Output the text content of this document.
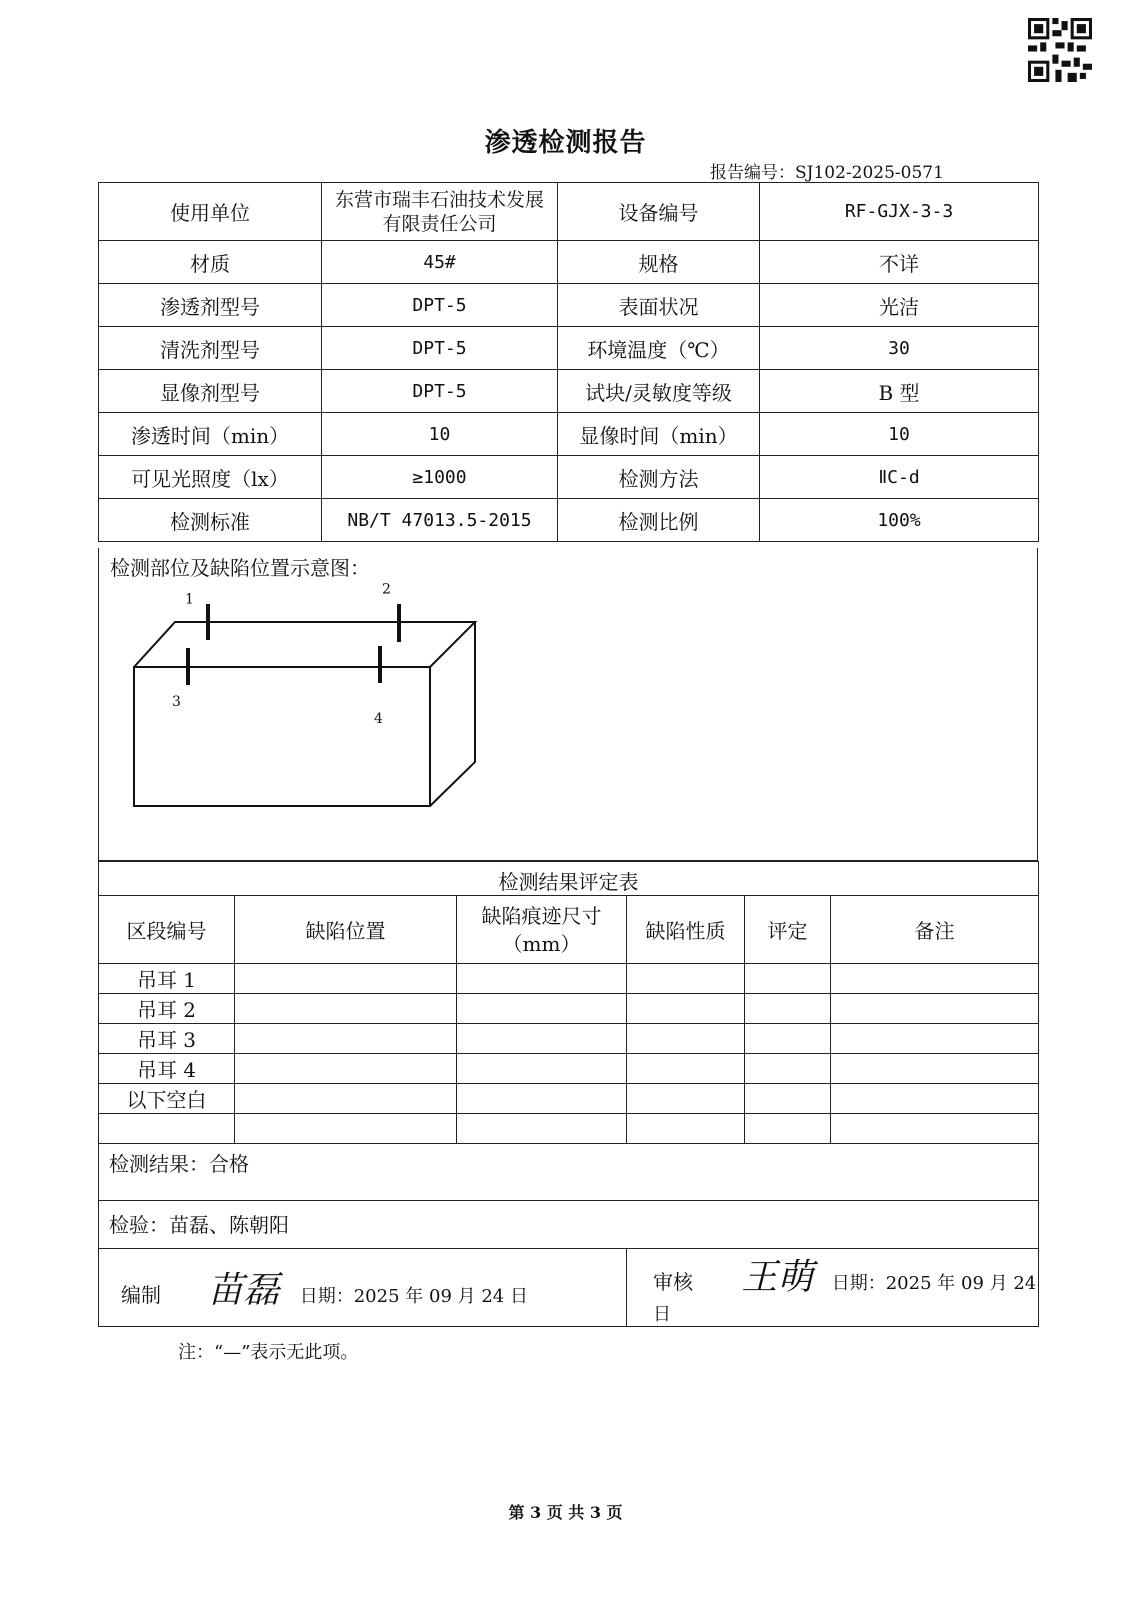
渗透检测报告
报告编号：SJ102-2025-0571
使用单位	东营市瑞丰石油技术发展有限责任公司	设备编号	RF-GJX-3-3
材质	45#	规格	不详
渗透剂型号	DPT-5	表面状况	光洁
清洗剂型号	DPT-5	环境温度（℃）	30
显像剂型号	DPT-5	试块/灵敏度等级	B 型
渗透时间（min）	10	显像时间（min）	10
可见光照度（lx）	≥1000	检测方法	ⅡC-d
检测标准	NB/T 47013.5-2015	检测比例	100%
检测部位及缺陷位置示意图：
1
2
3
4
检测结果评定表					
区段编号	缺陷位置	缺陷痕迹尺寸（mm）	缺陷性质	评定	备注
吊耳 1					
吊耳 2					
吊耳 3					
吊耳 4					
以下空白					

检测结果：合格					
检验：苗磊、陈朝阳					
编制 苗磊 日期：2025 年 09 月 24 日			审核 王萌 日期：2025 年 09 月 24 日		
注：“—”表示无此项。
第 3 页 共 3 页
